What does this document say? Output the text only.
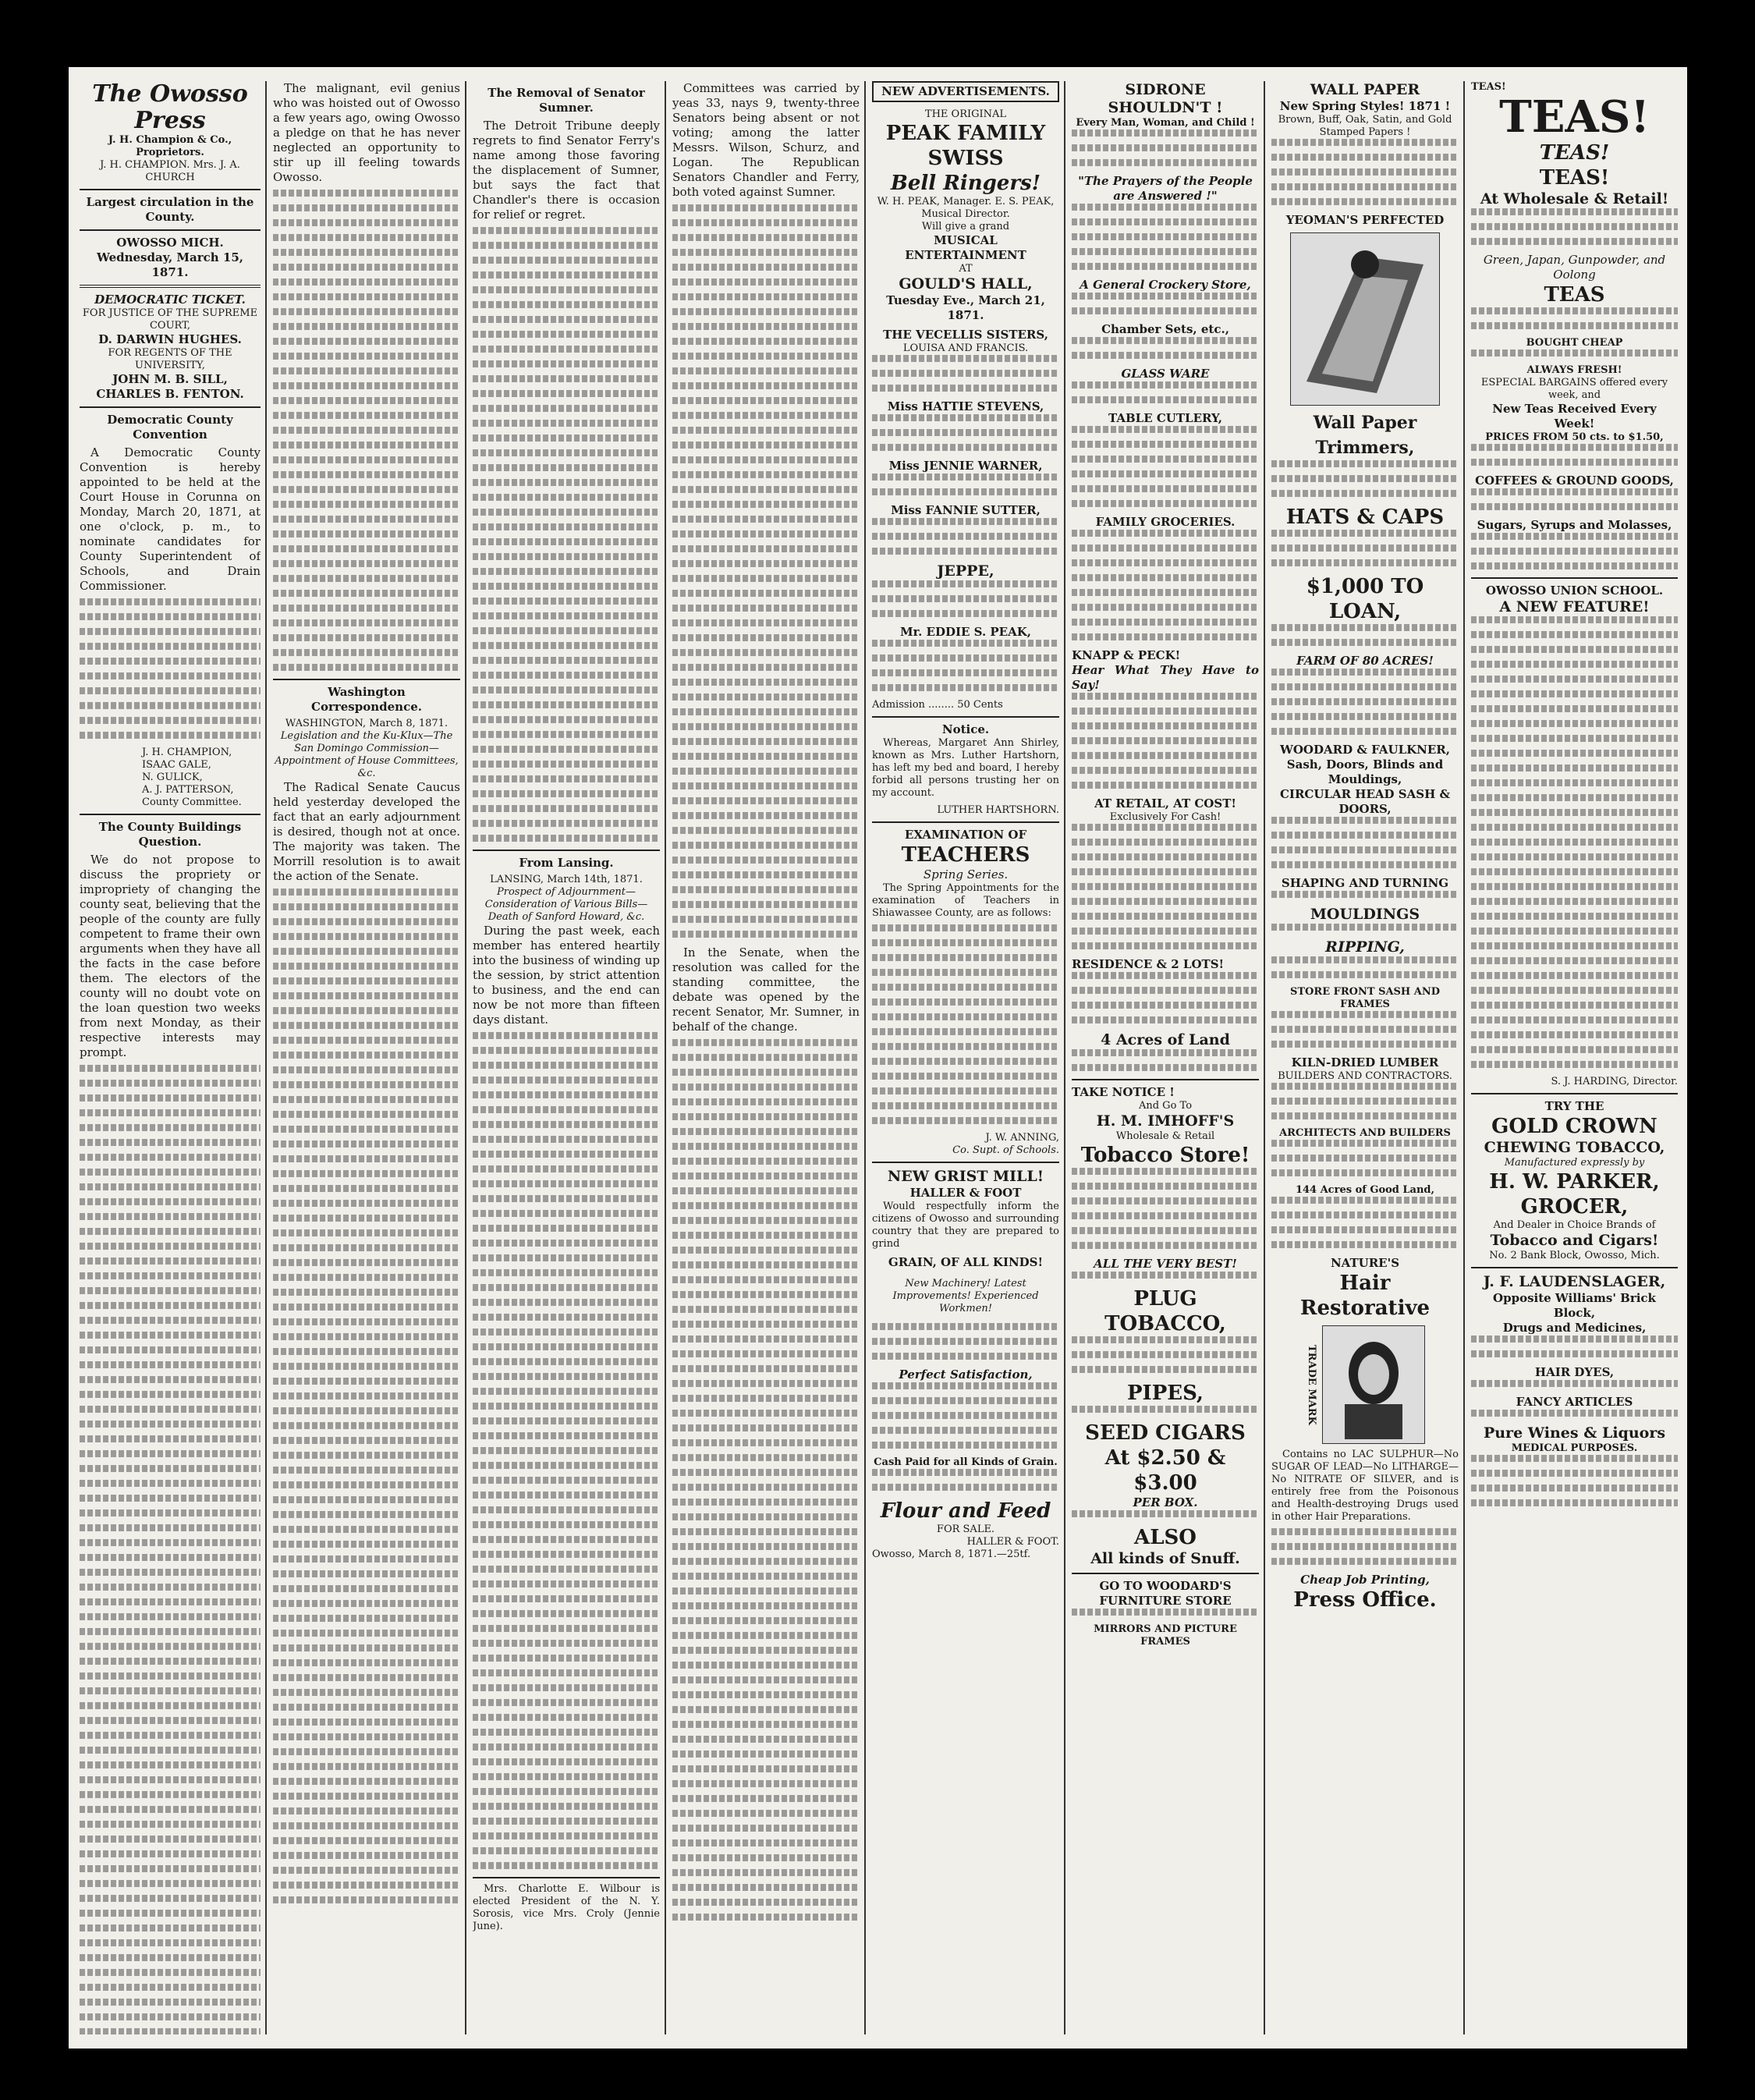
The Owosso Press
J. H. Champion & Co., Proprietors.
J. H. CHAMPION. Mrs. J. A. CHURCH
Largest circulation in the County.
OWOSSO MICH.
Wednesday, March 15, 1871.
DEMOCRATIC TICKET.
FOR JUSTICE OF THE SUPREME COURT,
D. DARWIN HUGHES.
FOR REGENTS OF THE UNIVERSITY,
JOHN M. B. SILL,
CHARLES B. FENTON.
Democratic County Convention

A Democratic County Convention is hereby appointed to be held at the Court House in Corunna on Monday, March 20, 1871, at one o'clock, p. m., to nominate candidates for County Superintendent of Schools, and Drain Commissioner.

J. H. CHAMPION,
ISAAC GALE,
N. GULICK,
A. J. PATTERSON,
County Committee.
The County Buildings Question.

We do not propose to discuss the propriety or impropriety of changing the county seat, believing that the people of the county are fully competent to frame their own arguments when they have all the facts in the case before them. The electors of the county will no doubt vote on the loan question two weeks from next Monday, as their respective interests may prompt.

The malignant, evil genius who was hoisted out of Owosso a few years ago, owing Owosso a pledge on that he has never neglected an opportunity to stir up ill feeling towards Owosso.

Washington Correspondence.
WASHINGTON, March 8, 1871.
Legislation and the Ku-Klux—The San Domingo Commission—Appointment of House Committees, &c.

The Radical Senate Caucus held yesterday developed the fact that an early adjournment is desired, though not at once. The majority was taken. The Morrill resolution is to await the action of the Senate.

The Removal of Senator Sumner.

The Detroit Tribune deeply regrets to find Senator Ferry's name among those favoring the displacement of Sumner, but says the fact that Chandler's there is occasion for relief or regret.

From Lansing.
LANSING, March 14th, 1871.
Prospect of Adjournment—Consideration of Various Bills—Death of Sanford Howard, &c.

During the past week, each member has entered heartily into the business of winding up the session, by strict attention to business, and the end can now be not more than fifteen days distant.

Mrs. Charlotte E. Wilbour is elected President of the N. Y. Sorosis, vice Mrs. Croly (Jennie June).

Committees was carried by yeas 33, nays 9, twenty-three Senators being absent or not voting; among the latter Messrs. Wilson, Schurz, and Logan. The Republican Senators Chandler and Ferry, both voted against Sumner.

In the Senate, when the resolution was called for the standing committee, the debate was opened by the recent Senator, Mr. Sumner, in behalf of the change.

NEW ADVERTISEMENTS.
THE ORIGINAL
PEAK FAMILY
SWISS
Bell Ringers!
W. H. PEAK, Manager. E. S. PEAK, Musical Director.
Will give a grand
MUSICAL ENTERTAINMENT
AT
GOULD'S HALL,
Tuesday Eve., March 21, 1871.
THE VECELLIS SISTERS,
LOUISA AND FRANCIS.
Miss HATTIE STEVENS,
Miss JENNIE WARNER,
Miss FANNIE SUTTER,
JEPPE,
Mr. EDDIE S. PEAK,
Admission ........ 50 Cents
Notice.

Whereas, Margaret Ann Shirley, known as Mrs. Luther Hartshorn, has left my bed and board, I hereby forbid all persons trusting her on my account.

LUTHER HARTSHORN.
EXAMINATION OF
TEACHERS
Spring Series.

The Spring Appointments for the examination of Teachers in Shiawassee County, are as follows:

J. W. ANNING,
Co. Supt. of Schools.
NEW GRIST MILL!
HALLER & FOOT

Would respectfully inform the citizens of Owosso and surrounding country that they are prepared to grind

GRAIN, OF ALL KINDS!
New Machinery! Latest Improvements! Experienced Workmen!
Perfect Satisfaction,
Cash Paid for all Kinds of Grain.
Flour and Feed
FOR SALE.
HALLER & FOOT.
Owosso, March 8, 1871.—25tf.
SIDRONE SHOULDN'T !
Every Man, Woman, and Child !
"The Prayers of the People are Answered !"
A General Crockery Store,
Chamber Sets, etc.,
GLASS WARE
TABLE CUTLERY,
FAMILY GROCERIES.
KNAPP & PECK!
Hear What They Have to Say!
AT RETAIL, AT COST!
Exclusively For Cash!
RESIDENCE & 2 LOTS!
4 Acres of Land
TAKE NOTICE !
And Go To
H. M. IMHOFF'S
Wholesale & Retail
Tobacco Store!
ALL THE VERY BEST!
PLUG TOBACCO,
PIPES,
SEED CIGARS
At $2.50 & $3.00
PER BOX.
ALSO
All kinds of Snuff.
GO TO WOODARD'S
FURNITURE STORE
MIRRORS AND PICTURE FRAMES
WALL PAPER
New Spring Styles! 1871 !
Brown, Buff, Oak, Satin, and Gold Stamped Papers !
YEOMAN'S PERFECTED
Wall Paper Trimmers,
HATS & CAPS
$1,000 TO LOAN,
FARM OF 80 ACRES!
WOODARD & FAULKNER,
Sash, Doors, Blinds and Mouldings,
CIRCULAR HEAD SASH & DOORS,
SHAPING AND TURNING
MOULDINGS
RIPPING,
STORE FRONT SASH AND FRAMES
KILN-DRIED LUMBER
BUILDERS AND CONTRACTORS.
ARCHITECTS AND BUILDERS
144 Acres of Good Land,
NATURE'S
Hair Restorative
TRADE MARK

Contains no LAC SULPHUR—No SUGAR OF LEAD—No LITHARGE—No NITRATE OF SILVER, and is entirely free from the Poisonous and Health-destroying Drugs used in other Hair Preparations.

Cheap Job Printing,
Press Office.
TEAS!
TEAS!
TEAS!
TEAS!
At Wholesale & Retail!
Green, Japan, Gunpowder, and Oolong
TEAS
BOUGHT CHEAP
ALWAYS FRESH!
ESPECIAL BARGAINS offered every week, and
New Teas Received Every Week!
PRICES FROM 50 cts. to $1.50,
COFFEES & GROUND GOODS,
Sugars, Syrups and Molasses,
OWOSSO UNION SCHOOL.
A NEW FEATURE!
S. J. HARDING, Director.
TRY THE
GOLD CROWN
CHEWING TOBACCO,
Manufactured expressly by
H. W. PARKER,
GROCER,
And Dealer in Choice Brands of
Tobacco and Cigars!
No. 2 Bank Block, Owosso, Mich.
J. F. LAUDENSLAGER,
Opposite Williams' Brick Block,
Drugs and Medicines,
HAIR DYES,
FANCY ARTICLES
Pure Wines & Liquors
MEDICAL PURPOSES.
